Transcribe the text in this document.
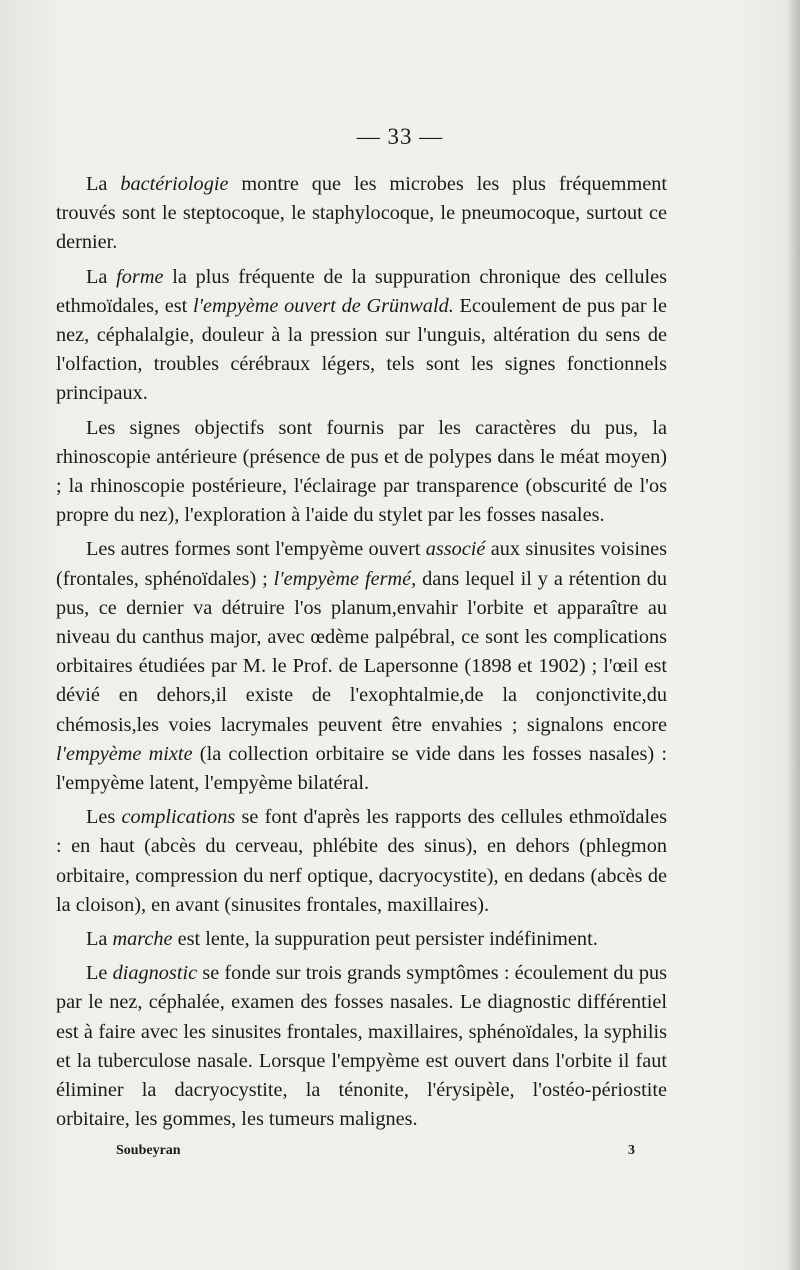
— 33 —

La bactériologie montre que les microbes les plus fréquemment trouvés sont le steptocoque, le staphylocoque, le pneumocoque, surtout ce dernier.

La forme la plus fréquente de la suppuration chronique des cellules ethmoïdales, est l'empyème ouvert de Grünwald. Ecoulement de pus par le nez, céphalalgie, douleur à la pression sur l'unguis, altération du sens de l'olfaction, troubles cérébraux légers, tels sont les signes fonctionnels principaux.

Les signes objectifs sont fournis par les caractères du pus, la rhinoscopie antérieure (présence de pus et de polypes dans le méat moyen) ; la rhinoscopie postérieure, l'éclairage par transparence (obscurité de l'os propre du nez), l'exploration à l'aide du stylet par les fosses nasales.

Les autres formes sont l'empyème ouvert associé aux sinusites voisines (frontales, sphénoïdales) ; l'empyème fermé, dans lequel il y a rétention du pus, ce dernier va détruire l'os planum,envahir l'orbite et apparaître au niveau du canthus major, avec œdème palpébral, ce sont les complications orbitaires étudiées par M. le Prof. de Lapersonne (1898 et 1902) ; l'œil est dévié en dehors,il existe de l'exophtalmie,de la conjonctivite,du chémosis,les voies lacrymales peuvent être envahies ; signalons encore l'empyème mixte (la collection orbitaire se vide dans les fosses nasales) : l'empyème latent, l'empyème bilatéral.

Les complications se font d'après les rapports des cellules ethmoïdales : en haut (abcès du cerveau, phlébite des sinus), en dehors (phlegmon orbitaire, compression du nerf optique, dacryocystite), en dedans (abcès de la cloison), en avant (sinusites frontales, maxillaires).

La marche est lente, la suppuration peut persister indéfiniment.

Le diagnostic se fonde sur trois grands symptômes : écoulement du pus par le nez, céphalée, examen des fosses nasales. Le diagnostic différentiel est à faire avec les sinusites frontales, maxillaires, sphénoïdales, la syphilis et la tuberculose nasale. Lorsque l'empyème est ouvert dans l'orbite il faut éliminer la dacryocystite, la ténonite, l'érysipèle, l'ostéo-périostite orbitaire, les gommes, les tumeurs malignes.

Soubeyran	3
